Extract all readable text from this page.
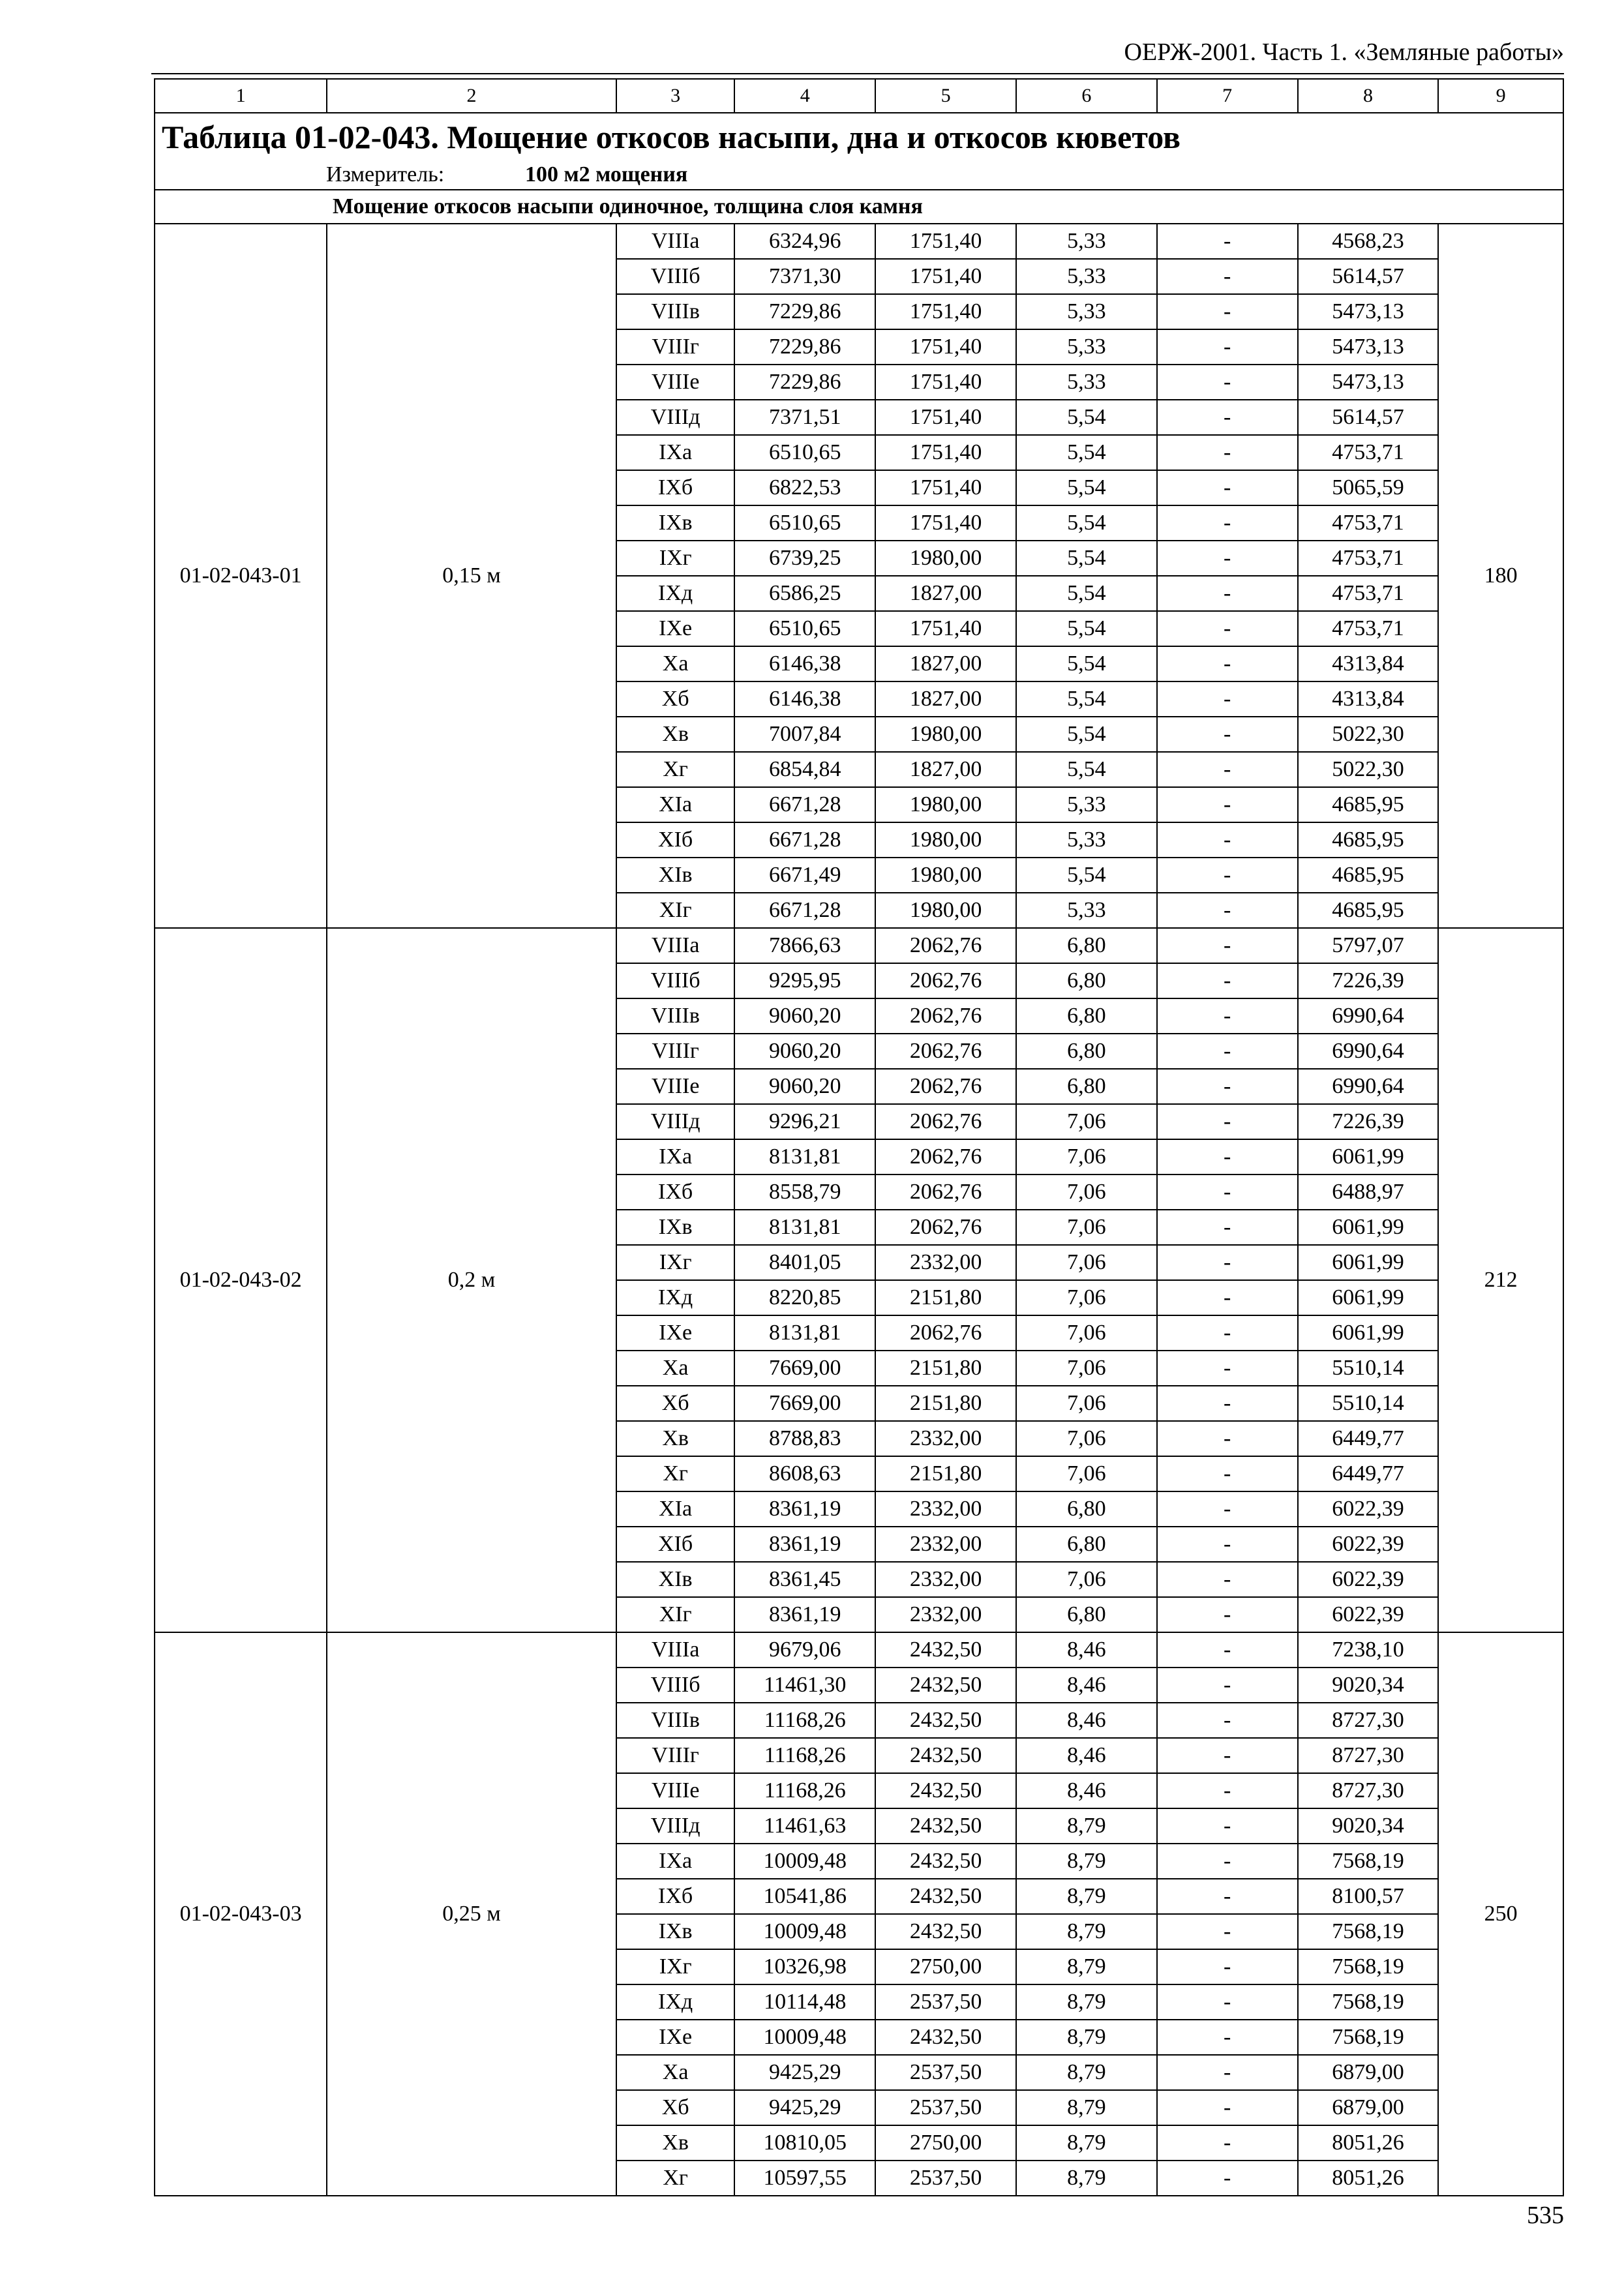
ОЕРЖ-2001. Часть 1. «Земляные работы»
1	2	3	4	5	6	7	8	9
Таблица 01-02-043. Мощение откосов насыпи, дна и откосов кюветов								
Измеритель: 100 м2 мощения								
Мощение откосов насыпи одиночное, толщина слоя камня								
01-02-043-01	0,15 м	VIIIа	6324,96	1751,40	5,33	-	4568,23	180
		VIIIб	7371,30	1751,40	5,33	-	5614,57	
		VIIIв	7229,86	1751,40	5,33	-	5473,13	
		VIIIг	7229,86	1751,40	5,33	-	5473,13	
		VIIIе	7229,86	1751,40	5,33	-	5473,13	
		VIIIд	7371,51	1751,40	5,54	-	5614,57	
		IXа	6510,65	1751,40	5,54	-	4753,71	
		IXб	6822,53	1751,40	5,54	-	5065,59	
		IXв	6510,65	1751,40	5,54	-	4753,71	
		IXг	6739,25	1980,00	5,54	-	4753,71	
		IXд	6586,25	1827,00	5,54	-	4753,71	
		IXе	6510,65	1751,40	5,54	-	4753,71	
		Xа	6146,38	1827,00	5,54	-	4313,84	
		Xб	6146,38	1827,00	5,54	-	4313,84	
		Xв	7007,84	1980,00	5,54	-	5022,30	
		Xг	6854,84	1827,00	5,54	-	5022,30	
		XIа	6671,28	1980,00	5,33	-	4685,95	
		XIб	6671,28	1980,00	5,33	-	4685,95	
		XIв	6671,49	1980,00	5,54	-	4685,95	
		XIг	6671,28	1980,00	5,33	-	4685,95	
01-02-043-02	0,2 м	VIIIа	7866,63	2062,76	6,80	-	5797,07	212
		VIIIб	9295,95	2062,76	6,80	-	7226,39	
		VIIIв	9060,20	2062,76	6,80	-	6990,64	
		VIIIг	9060,20	2062,76	6,80	-	6990,64	
		VIIIе	9060,20	2062,76	6,80	-	6990,64	
		VIIIд	9296,21	2062,76	7,06	-	7226,39	
		IXа	8131,81	2062,76	7,06	-	6061,99	
		IXб	8558,79	2062,76	7,06	-	6488,97	
		IXв	8131,81	2062,76	7,06	-	6061,99	
		IXг	8401,05	2332,00	7,06	-	6061,99	
		IXд	8220,85	2151,80	7,06	-	6061,99	
		IXе	8131,81	2062,76	7,06	-	6061,99	
		Xа	7669,00	2151,80	7,06	-	5510,14	
		Xб	7669,00	2151,80	7,06	-	5510,14	
		Xв	8788,83	2332,00	7,06	-	6449,77	
		Xг	8608,63	2151,80	7,06	-	6449,77	
		XIа	8361,19	2332,00	6,80	-	6022,39	
		XIб	8361,19	2332,00	6,80	-	6022,39	
		XIв	8361,45	2332,00	7,06	-	6022,39	
		XIг	8361,19	2332,00	6,80	-	6022,39	
01-02-043-03	0,25 м	VIIIа	9679,06	2432,50	8,46	-	7238,10	250
		VIIIб	11461,30	2432,50	8,46	-	9020,34	
		VIIIв	11168,26	2432,50	8,46	-	8727,30	
		VIIIг	11168,26	2432,50	8,46	-	8727,30	
		VIIIе	11168,26	2432,50	8,46	-	8727,30	
		VIIIд	11461,63	2432,50	8,79	-	9020,34	
		IXа	10009,48	2432,50	8,79	-	7568,19	
		IXб	10541,86	2432,50	8,79	-	8100,57	
		IXв	10009,48	2432,50	8,79	-	7568,19	
		IXг	10326,98	2750,00	8,79	-	7568,19	
		IXд	10114,48	2537,50	8,79	-	7568,19	
		IXе	10009,48	2432,50	8,79	-	7568,19	
		Xа	9425,29	2537,50	8,79	-	6879,00	
		Xб	9425,29	2537,50	8,79	-	6879,00	
		Xв	10810,05	2750,00	8,79	-	8051,26	
		Xг	10597,55	2537,50	8,79	-	8051,26	
535
